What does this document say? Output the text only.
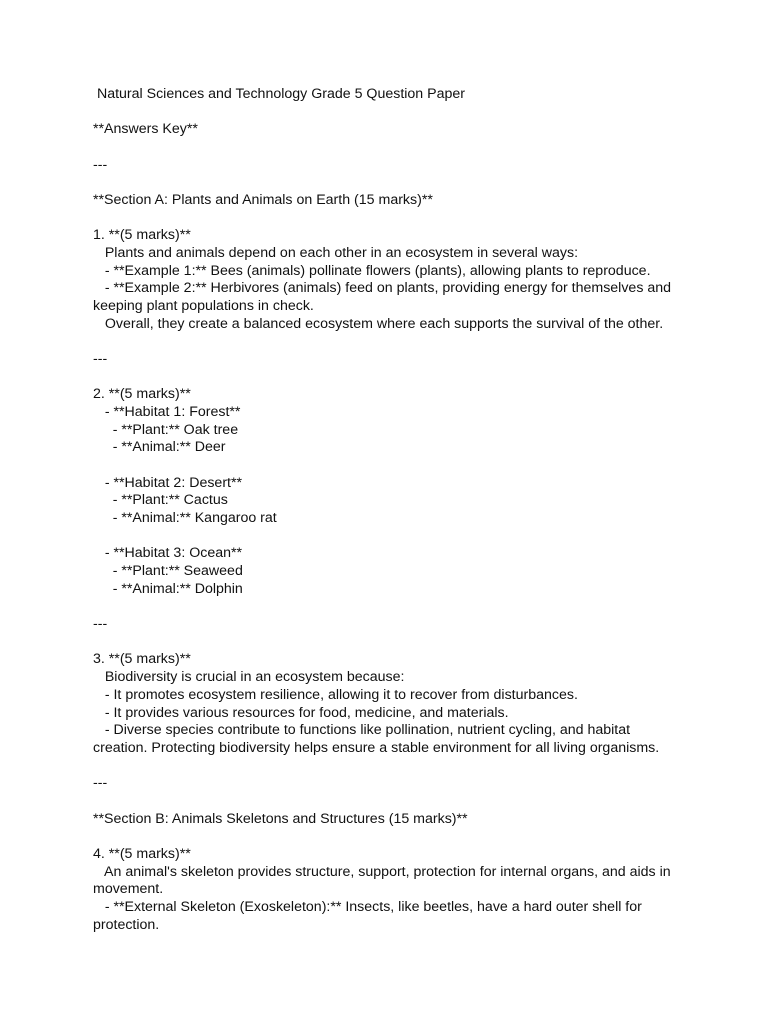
Natural Sciences and Technology Grade 5 Question Paper
**Answers Key**
---
**Section A: Plants and Animals on Earth (15 marks)**
1. **(5 marks)**
Plants and animals depend on each other in an ecosystem in several ways:
- **Example 1:** Bees (animals) pollinate flowers (plants), allowing plants to reproduce.
- **Example 2:** Herbivores (animals) feed on plants, providing energy for themselves and
keeping plant populations in check.
Overall, they create a balanced ecosystem where each supports the survival of the other.
---
2. **(5 marks)**
- **Habitat 1: Forest**
- **Plant:** Oak tree
- **Animal:** Deer
- **Habitat 2: Desert**
- **Plant:** Cactus
- **Animal:** Kangaroo rat
- **Habitat 3: Ocean**
- **Plant:** Seaweed
- **Animal:** Dolphin
---
3. **(5 marks)**
Biodiversity is crucial in an ecosystem because:
- It promotes ecosystem resilience, allowing it to recover from disturbances.
- It provides various resources for food, medicine, and materials.
- Diverse species contribute to functions like pollination, nutrient cycling, and habitat
creation. Protecting biodiversity helps ensure a stable environment for all living organisms.
---
**Section B: Animals Skeletons and Structures (15 marks)**
4. **(5 marks)**
An animal's skeleton provides structure, support, protection for internal organs, and aids in
movement.
- **External Skeleton (Exoskeleton):** Insects, like beetles, have a hard outer shell for
protection.
